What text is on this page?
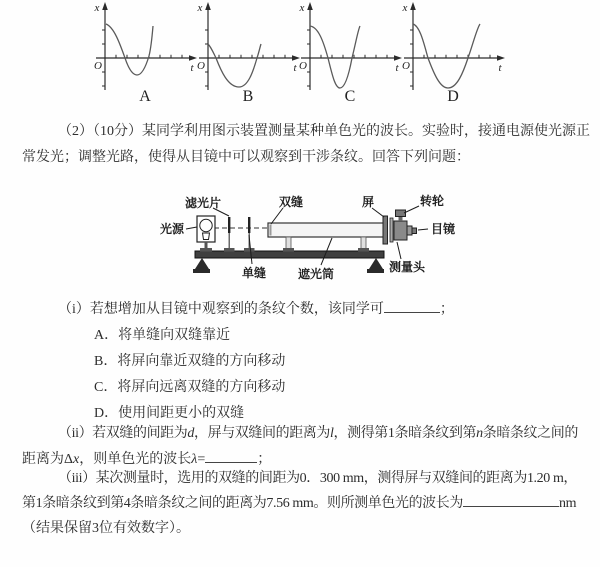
x
t
O
A
x
t
O
B
x
t
O
C
x
t
O
D
（2）（10分）某同学利用图示装置测量某种单色光的波长。实验时，接通电源使光源正
常发光；调整光路，使得从目镜中可以观察到干涉条纹。回答下列问题：
滤光片	双缝	屏	转轮
光源	目镜
单缝	遮光筒	测量头
（i）若想增加从目镜中观察到的条纹个数，该同学可	；
A．将单缝向双缝靠近
B．将屏向靠近双缝的方向移动
C．将屏向远离双缝的方向移动
D．使用间距更小的双缝
（ii）若双缝的间距为d，屏与双缝间的距离为l，测得第1条暗条纹到第n条暗条纹之间的
距离为Δx，则单色光的波长λ=	；
（iii）某次测量时，选用的双缝的间距为0．300 mm，测得屏与双缝间的距离为1.20 m，
第1条暗条纹到第4条暗条纹之间的距离为7.56 mm。则所测单色光的波长为	nm
（结果保留3位有效数字）。
